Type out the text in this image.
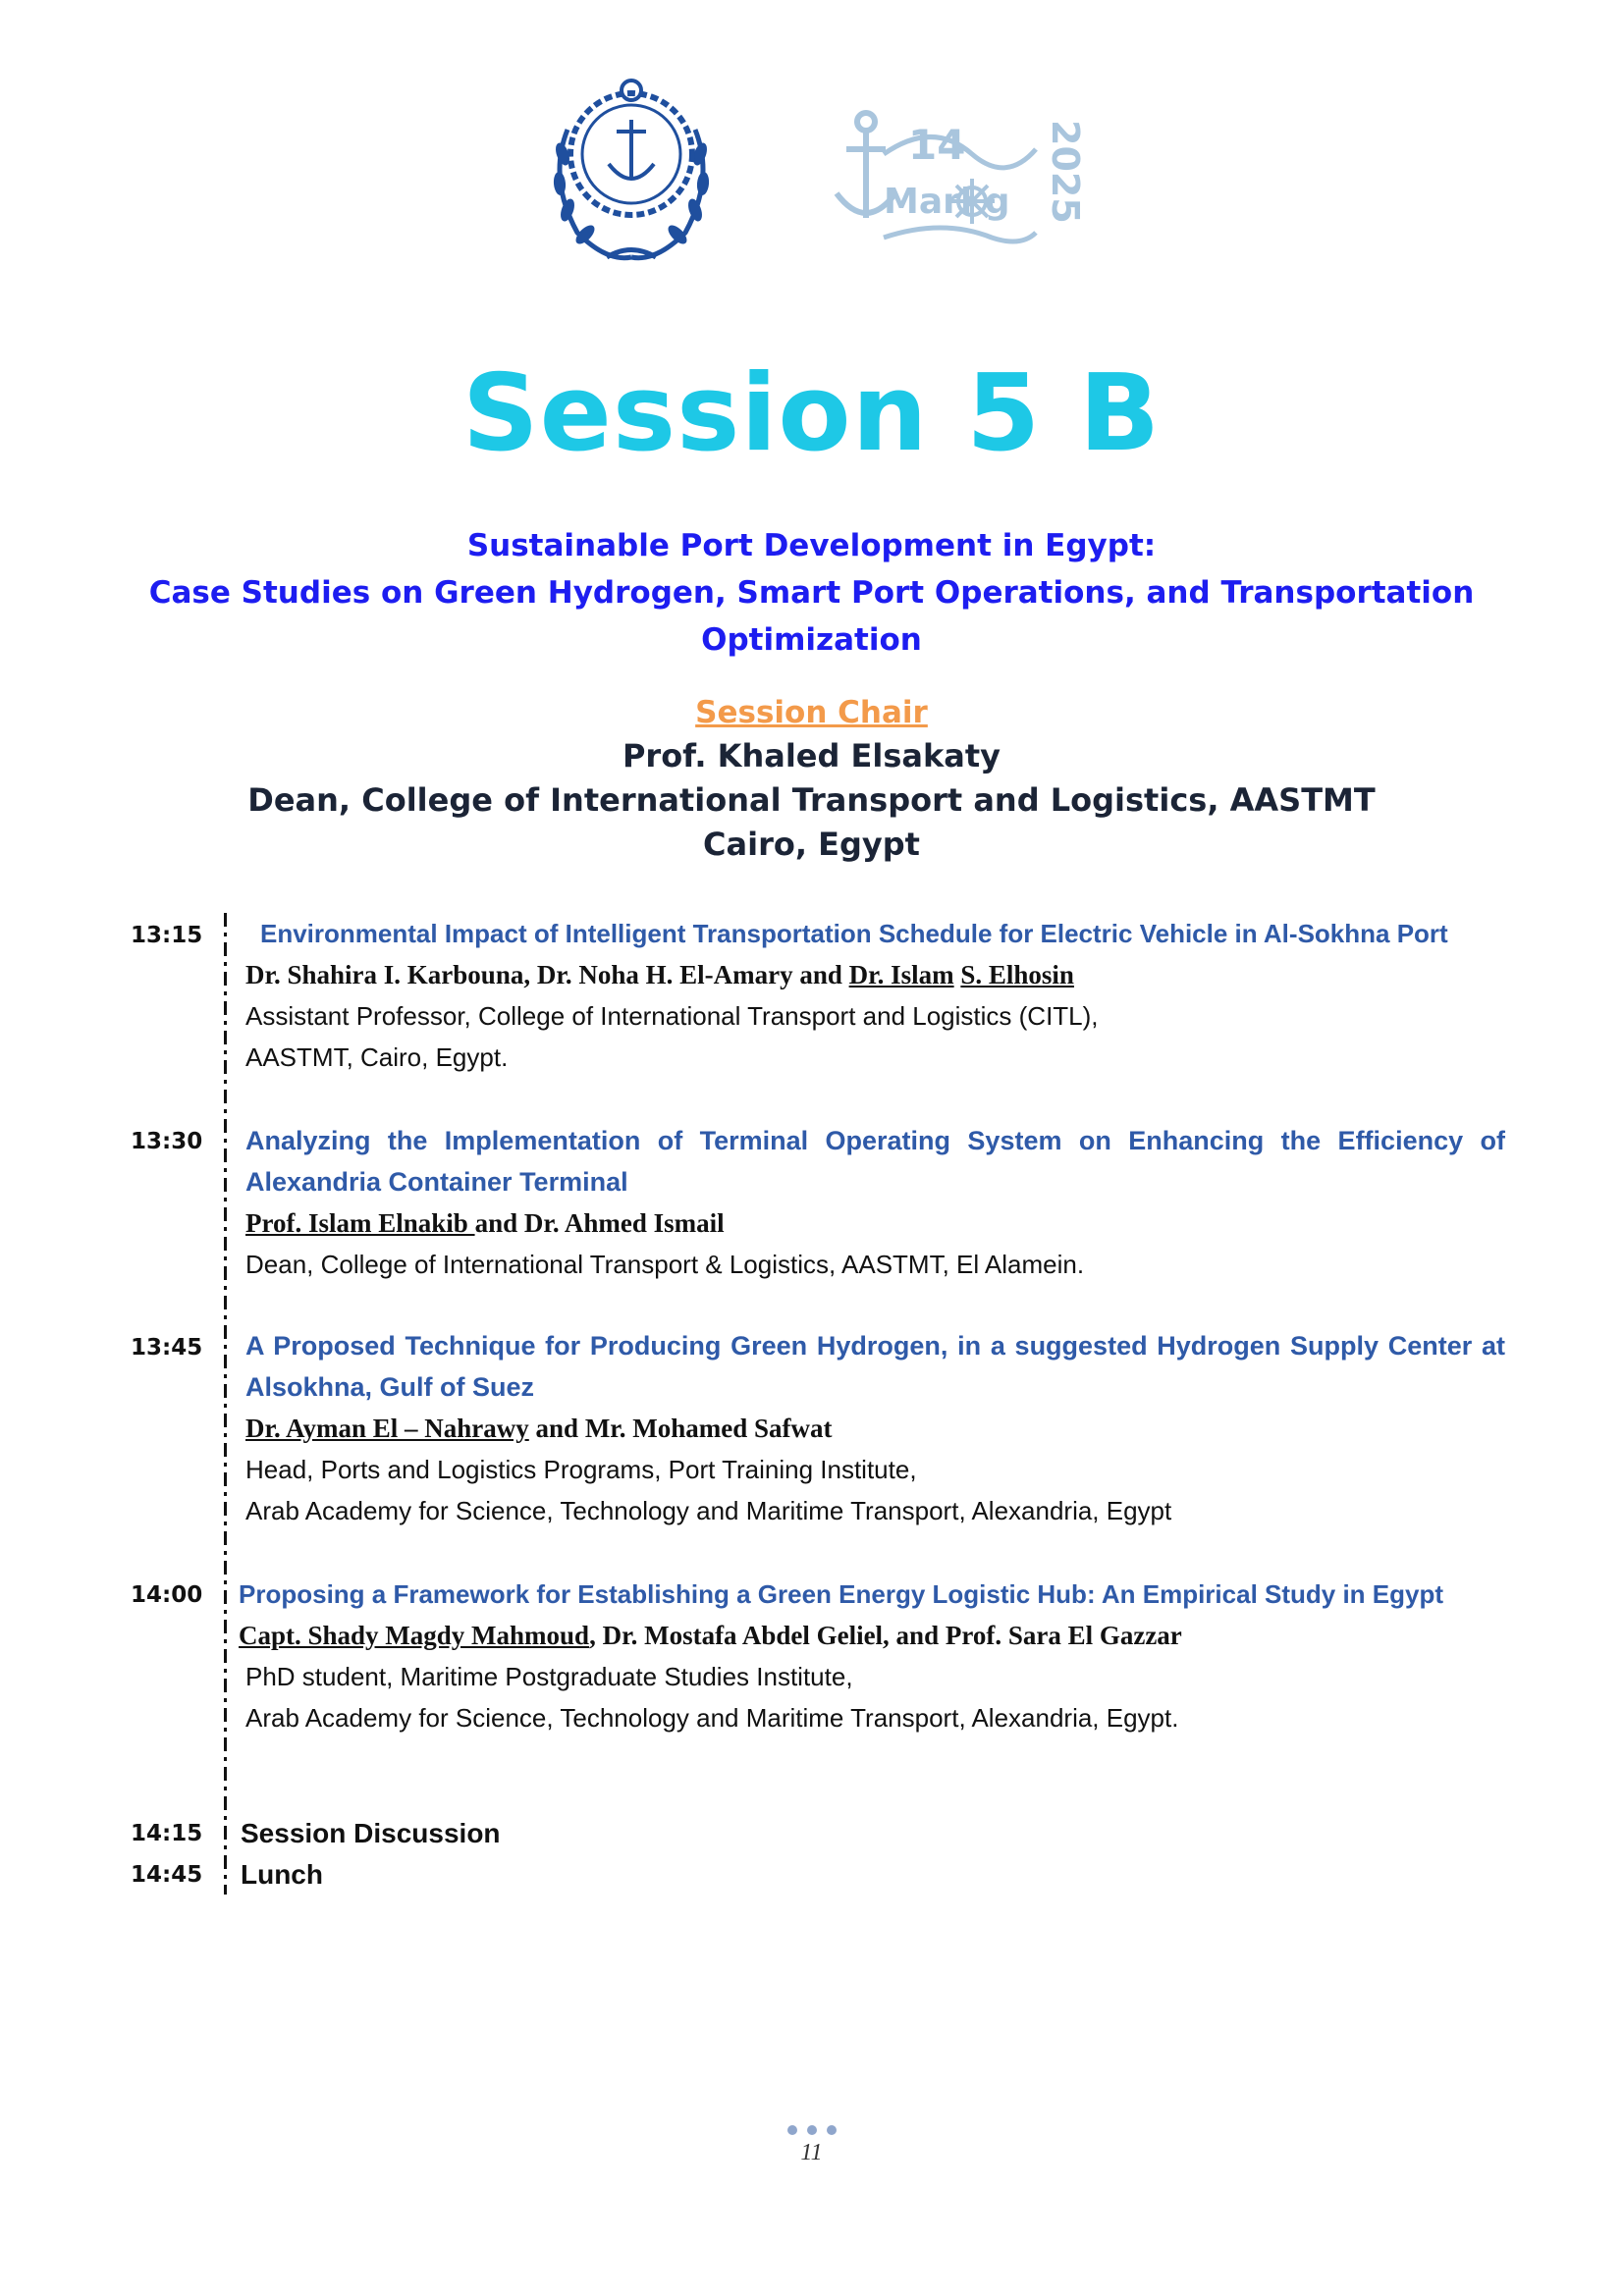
14
Marl g 2025
Session 5 B
Sustainable Port Development in Egypt:
Case Studies on Green Hydrogen, Smart Port Operations, and Transportation
Optimization
Session Chair
Prof. Khaled Elsakaty
Dean, College of International Transport and Logistics, AASTMT
Cairo, Egypt
13:15 Environmental Impact of Intelligent Transportation Schedule for Electric Vehicle in Al-Sokhna Port

Dr. Shahira I. Karbouna, Dr. Noha H. El-Amary and Dr. Islam S. Elhosin
Assistant Professor, College of International Transport and Logistics (CITL),
AASTMT, Cairo, Egypt.
13:30 Analyzing the Implementation of Terminal Operating System on Enhancing the Efficiency of Alexandria Container Terminal

Prof. Islam Elnakib and Dr. Ahmed Ismail
Dean, College of International Transport & Logistics, AASTMT, El Alamein.
13:45 A Proposed Technique for Producing Green Hydrogen, in a suggested Hydrogen Supply Center at Alsokhna, Gulf of Suez

Dr. Ayman El – Nahrawy and Mr. Mohamed Safwat
Head, Ports and Logistics Programs, Port Training Institute,
Arab Academy for Science, Technology and Maritime Transport, Alexandria, Egypt
14:00 Proposing a Framework for Establishing a Green Energy Logistic Hub: An Empirical Study in Egypt

Capt. Shady Magdy Mahmoud, Dr. Mostafa Abdel Geliel, and Prof. Sara El Gazzar
PhD student, Maritime Postgraduate Studies Institute,
Arab Academy for Science, Technology and Maritime Transport, Alexandria, Egypt.
14:15 Session Discussion
14:45 Lunch
11
